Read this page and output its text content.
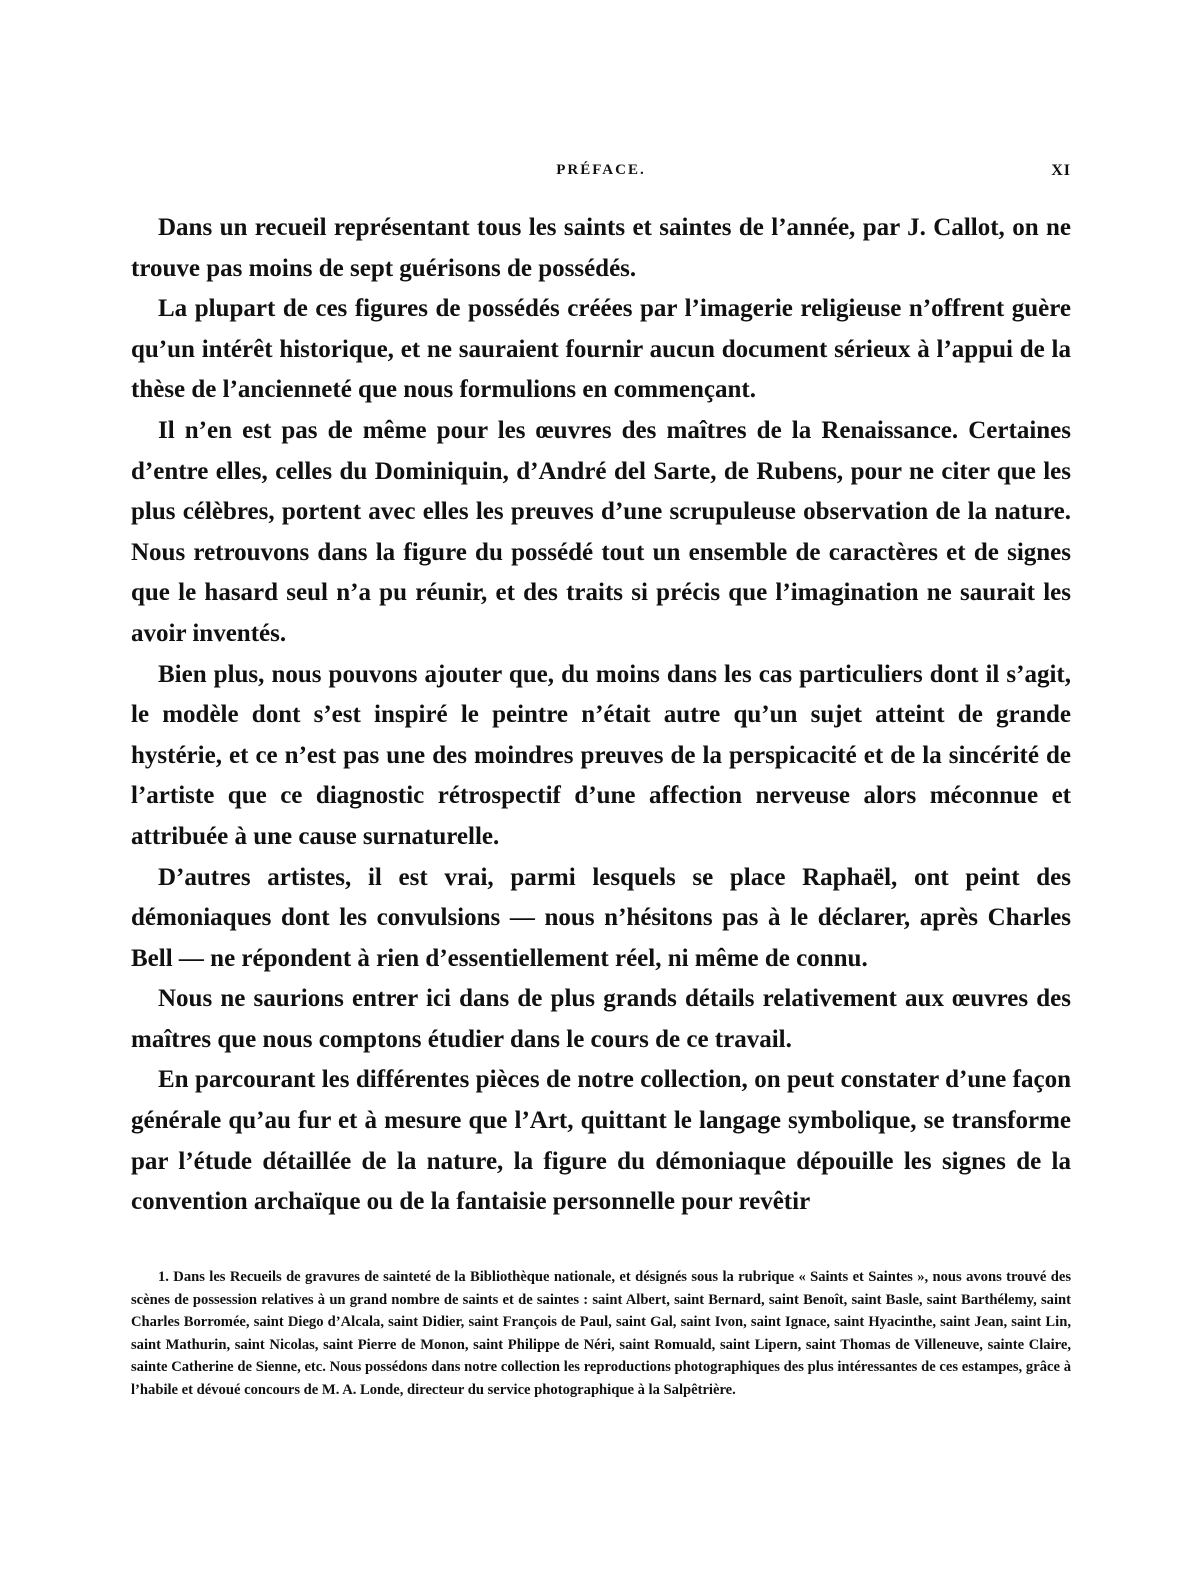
PRÉFACE.	XI

Dans un recueil représentant tous les saints et saintes de l’année, par J. Callot, on ne trouve pas moins de sept guérisons de possédés.

La plupart de ces figures de possédés créées par l’imagerie religieuse n’offrent guère qu’un intérêt historique, et ne sauraient fournir aucun document sérieux à l’appui de la thèse de l’ancienneté que nous formulions en commençant.

Il n’en est pas de même pour les œuvres des maîtres de la Renaissance. Certaines d’entre elles, celles du Dominiquin, d’André del Sarte, de Rubens, pour ne citer que les plus célèbres, portent avec elles les preuves d’une scrupuleuse observation de la nature. Nous retrouvons dans la figure du possédé tout un ensemble de caractères et de signes que le hasard seul n’a pu réunir, et des traits si précis que l’imagination ne saurait les avoir inventés.

Bien plus, nous pouvons ajouter que, du moins dans les cas particuliers dont il s’agit, le modèle dont s’est inspiré le peintre n’était autre qu’un sujet atteint de grande hystérie, et ce n’est pas une des moindres preuves de la perspicacité et de la sincérité de l’artiste que ce diagnostic rétrospectif d’une affection nerveuse alors méconnue et attribuée à une cause surnaturelle.

D’autres artistes, il est vrai, parmi lesquels se place Raphaël, ont peint des démoniaques dont les convulsions — nous n’hésitons pas à le déclarer, après Charles Bell — ne répondent à rien d’essentiellement réel, ni même de connu.

Nous ne saurions entrer ici dans de plus grands détails relativement aux œuvres des maîtres que nous comptons étudier dans le cours de ce travail.

En parcourant les différentes pièces de notre collection, on peut constater d’une façon générale qu’au fur et à mesure que l’Art, quittant le langage symbolique, se transforme par l’étude détaillée de la nature, la figure du démoniaque dépouille les signes de la convention archaïque ou de la fantaisie personnelle pour revêtir

1. Dans les Recueils de gravures de sainteté de la Bibliothèque nationale, et désignés sous la rubrique « Saints et Saintes », nous avons trouvé des scènes de possession relatives à un grand nombre de saints et de saintes : saint Albert, saint Bernard, saint Benoît, saint Basle, saint Barthélemy, saint Charles Borromée, saint Diego d’Alcala, saint Didier, saint François de Paul, saint Gal, saint Ivon, saint Ignace, saint Hyacinthe, saint Jean, saint Lin, saint Mathurin, saint Nicolas, saint Pierre de Monon, saint Philippe de Néri, saint Romuald, saint Lipern, saint Thomas de Villeneuve, sainte Claire, sainte Catherine de Sienne, etc. Nous possédons dans notre collection les reproductions photographiques des plus intéressantes de ces estampes, grâce à l’habile et dévoué concours de M. A. Londe, directeur du service photographique à la Salpêtrière.
